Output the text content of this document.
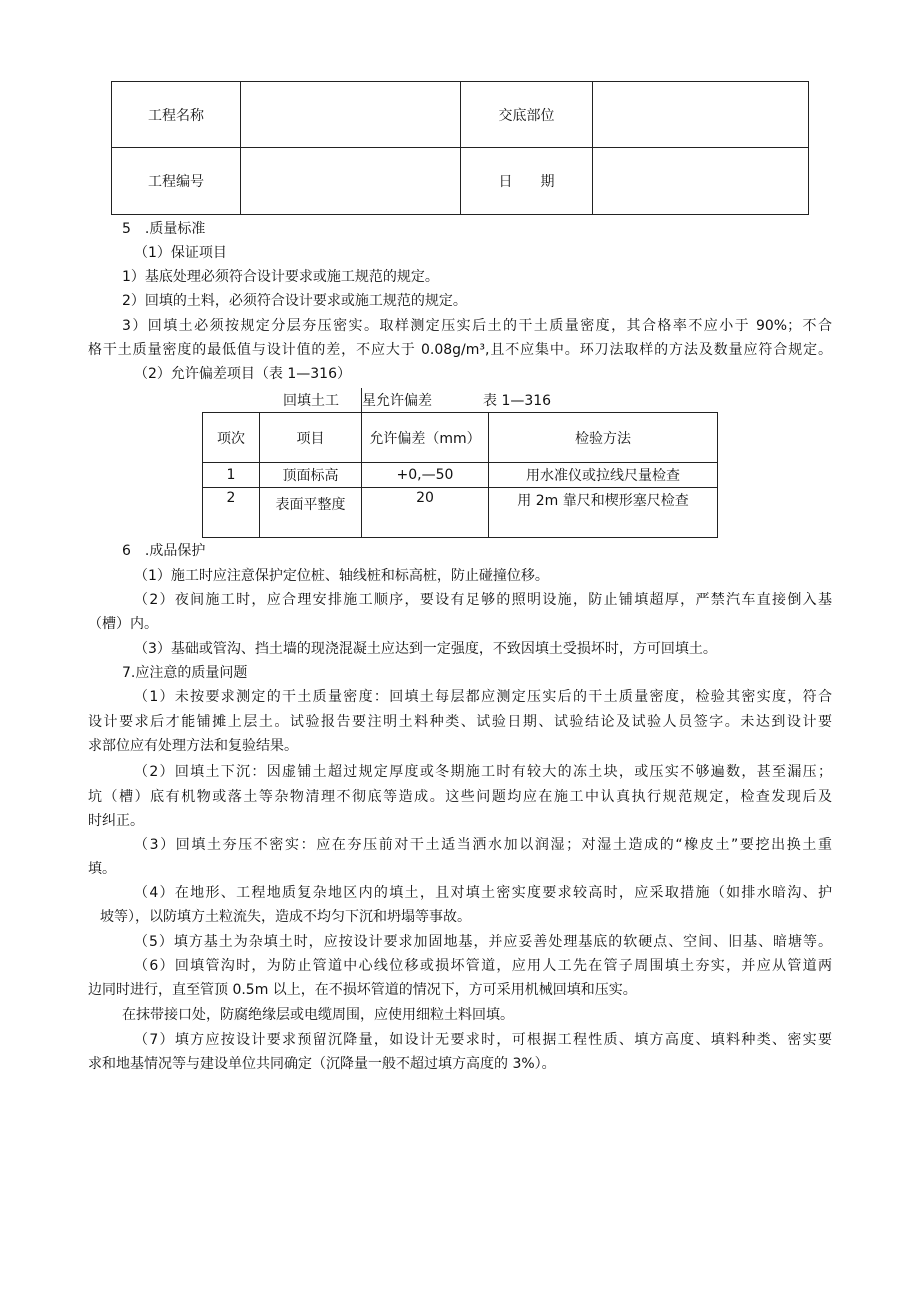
工程名称		交底部位	
工程编号		日　　期	
5　.质量标准
（1）保证项目
1）基底处理必须符合设计要求或施工规范的规定。
2）回填的土料，必须符合设计要求或施工规范的规定。
3）回填土必须按规定分层夯压密实。取样测定压实后土的干土质量密度，其合格率不应小于 90%；不合
格干土质量密度的最低值与设计值的差，不应大于 0.08g/m³,且不应集中。环刀法取样的方法及数量应符合规定。
（2）允许偏差项目（表 1—316）
回填土工 星允许偏差	表 1—316
项次	项目	允许偏差（mm）	检验方法
1	顶面标高	+0,—50	用水准仪或拉线尺量检查
2	表面平整度	20	用 2m 靠尺和楔形塞尺检查
6　.成品保护
（1）施工时应注意保护定位桩、轴线桩和标高桩，防止碰撞位移。
（2）夜间施工时，应合理安排施工顺序，要设有足够的照明设施，防止铺填超厚，严禁汽车直接倒入基
（槽）内。
（3）基础或管沟、挡土墙的现浇混凝土应达到一定强度，不致因填土受损坏时，方可回填土。
7.应注意的质量问题
（1）未按要求测定的干土质量密度：回填土每层都应测定压实后的干土质量密度，检验其密实度，符合
设计要求后才能铺摊上层土。试验报告要注明土料种类、试验日期、试验结论及试验人员签字。未达到设计要
求部位应有处理方法和复验结果。
（2）回填土下沉：因虚铺土超过规定厚度或冬期施工时有较大的冻土块，或压实不够遍数，甚至漏压；
坑（槽）底有机物或落土等杂物清理不彻底等造成。这些问题均应在施工中认真执行规范规定，检查发现后及
时纠正。
（3）回填土夯压不密实：应在夯压前对干土适当洒水加以润湿；对湿土造成的“橡皮土”要挖出换土重
填。
（4）在地形、工程地质复杂地区内的填土，且对填土密实度要求较高时，应采取措施（如排水暗沟、护
坡等），以防填方土粒流失，造成不均匀下沉和坍塌等事故。
（5）填方基土为杂填土时，应按设计要求加固地基，并应妥善处理基底的软硬点、空间、旧基、暗塘等。
（6）回填管沟时，为防止管道中心线位移或损坏管道，应用人工先在管子周围填土夯实，并应从管道两
边同时进行，直至管顶 0.5m 以上，在不损坏管道的情况下，方可采用机械回填和压实。
在抹带接口处，防腐绝缘层或电缆周围，应使用细粒土料回填。
（7）填方应按设计要求预留沉降量，如设计无要求时，可根据工程性质、填方高度、填料种类、密实要
求和地基情况等与建设单位共同确定（沉降量一般不超过填方高度的 3%）。
